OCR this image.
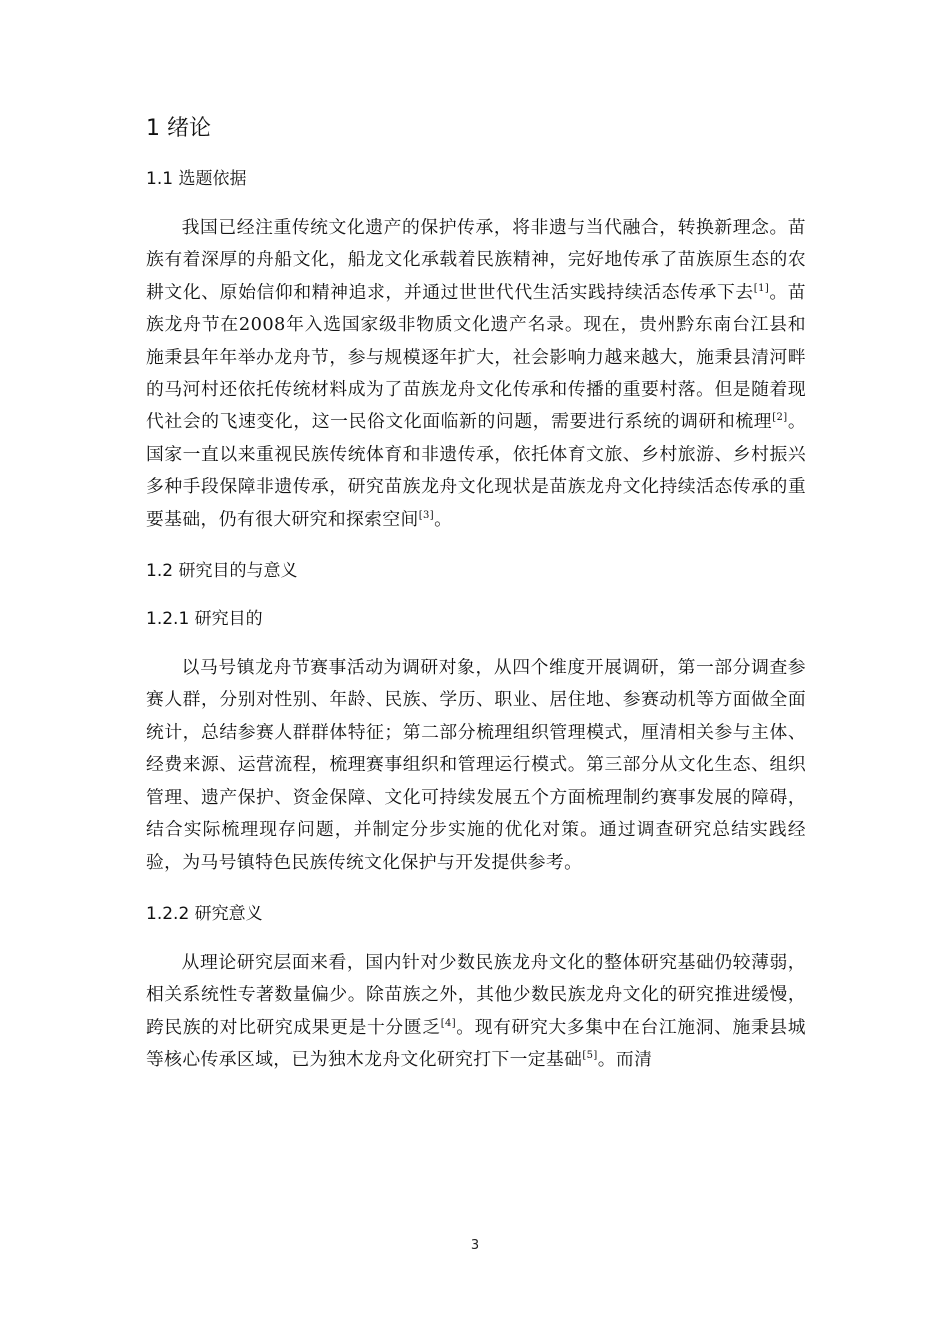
1 绪论
1.1 选题依据

我国已经注重传统文化遗产的保护传承，将非遗与当代融合，转换新理念。苗族有着深厚的舟船文化，船龙文化承载着民族精神，完好地传承了苗族原生态的农耕文化、原始信仰和精神追求，并通过世世代代生活实践持续活态传承下去[1]。苗族龙舟节在2008年入选国家级非物质文化遗产名录。现在，贵州黔东南台江县和施秉县年年举办龙舟节，参与规模逐年扩大，社会影响力越来越大，施秉县清河畔的马河村还依托传统材料成为了苗族龙舟文化传承和传播的重要村落。但是随着现代社会的飞速变化，这一民俗文化面临新的问题，需要进行系统的调研和梳理[2]。国家一直以来重视民族传统体育和非遗传承，依托体育文旅、乡村旅游、乡村振兴多种手段保障非遗传承，研究苗族龙舟文化现状是苗族龙舟文化持续活态传承的重要基础，仍有很大研究和探索空间[3]。

1.2 研究目的与意义
1.2.1 研究目的

以马号镇龙舟节赛事活动为调研对象，从四个维度开展调研，第一部分调查参赛人群，分别对性别、年龄、民族、学历、职业、居住地、参赛动机等方面做全面统计，总结参赛人群群体特征；第二部分梳理组织管理模式，厘清相关参与主体、经费来源、运营流程，梳理赛事组织和管理运行模式。第三部分从文化生态、组织管理、遗产保护、资金保障、文化可持续发展五个方面梳理制约赛事发展的障碍，结合实际梳理现存问题，并制定分步实施的优化对策。通过调查研究总结实践经验，为马号镇特色民族传统文化保护与开发提供参考。

1.2.2 研究意义

从理论研究层面来看，国内针对少数民族龙舟文化的整体研究基础仍较薄弱，相关系统性专著数量偏少。除苗族之外，其他少数民族龙舟文化的研究推进缓慢，跨民族的对比研究成果更是十分匮乏[4]。现有研究大多集中在台江施洞、施秉县城等核心传承区域，已为独木龙舟文化研究打下一定基础[5]。而清

3
